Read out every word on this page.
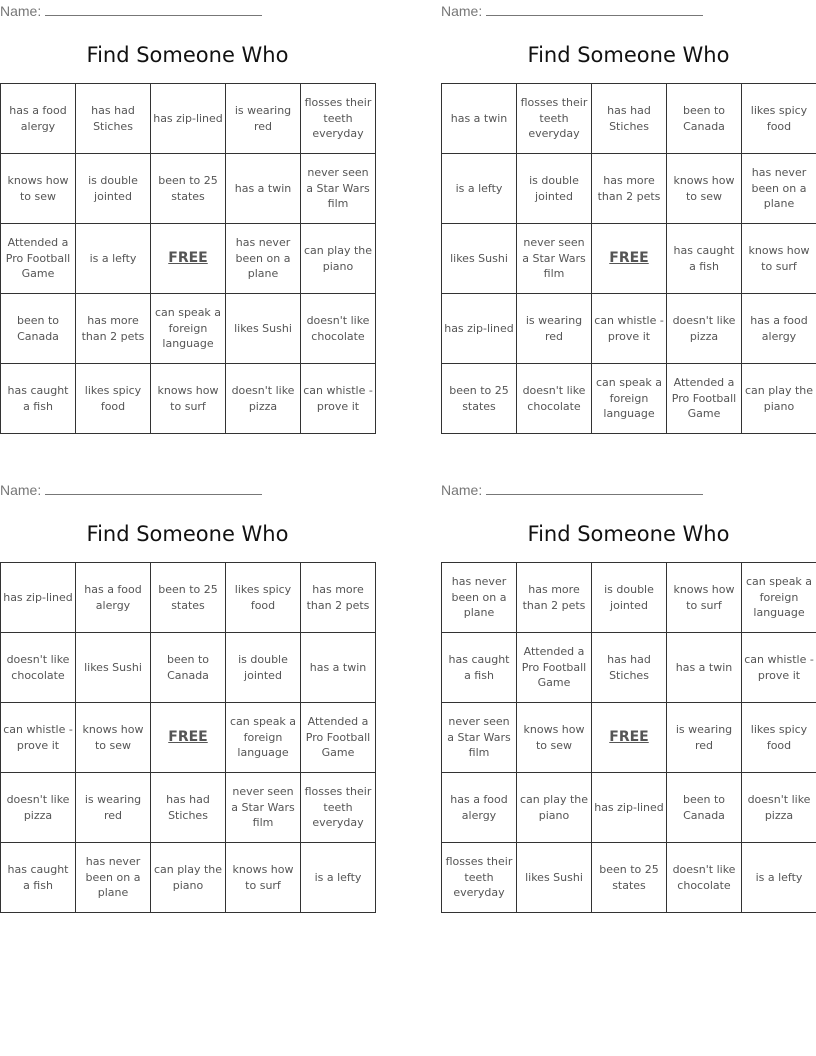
Name:
Find Someone Who
has a food alergy	has had Stiches	has zip-lined	is wearing red	flosses their teeth everyday
knows how to sew	is double jointed	been to 25 states	has a twin	never seen a Star Wars film
Attended a Pro Football Game	is a lefty	FREE	has never been on a plane	can play the piano
been to Canada	has more than 2 pets	can speak a foreign language	likes Sushi	doesn't like chocolate
has caught a fish	likes spicy food	knows how to surf	doesn't like pizza	can whistle - prove it
Name:
Find Someone Who
has a twin	flosses their teeth everyday	has had Stiches	been to Canada	likes spicy food
is a lefty	is double jointed	has more than 2 pets	knows how to sew	has never been on a plane
likes Sushi	never seen a Star Wars film	FREE	has caught a fish	knows how to surf
has zip-lined	is wearing red	can whistle - prove it	doesn't like pizza	has a food alergy
been to 25 states	doesn't like chocolate	can speak a foreign language	Attended a Pro Football Game	can play the piano
Name:
Find Someone Who
has zip-lined	has a food alergy	been to 25 states	likes spicy food	has more than 2 pets
doesn't like chocolate	likes Sushi	been to Canada	is double jointed	has a twin
can whistle - prove it	knows how to sew	FREE	can speak a foreign language	Attended a Pro Football Game
doesn't like pizza	is wearing red	has had Stiches	never seen a Star Wars film	flosses their teeth everyday
has caught a fish	has never been on a plane	can play the piano	knows how to surf	is a lefty
Name:
Find Someone Who
has never been on a plane	has more than 2 pets	is double jointed	knows how to surf	can speak a foreign language
has caught a fish	Attended a Pro Football Game	has had Stiches	has a twin	can whistle - prove it
never seen a Star Wars film	knows how to sew	FREE	is wearing red	likes spicy food
has a food alergy	can play the piano	has zip-lined	been to Canada	doesn't like pizza
flosses their teeth everyday	likes Sushi	been to 25 states	doesn't like chocolate	is a lefty
